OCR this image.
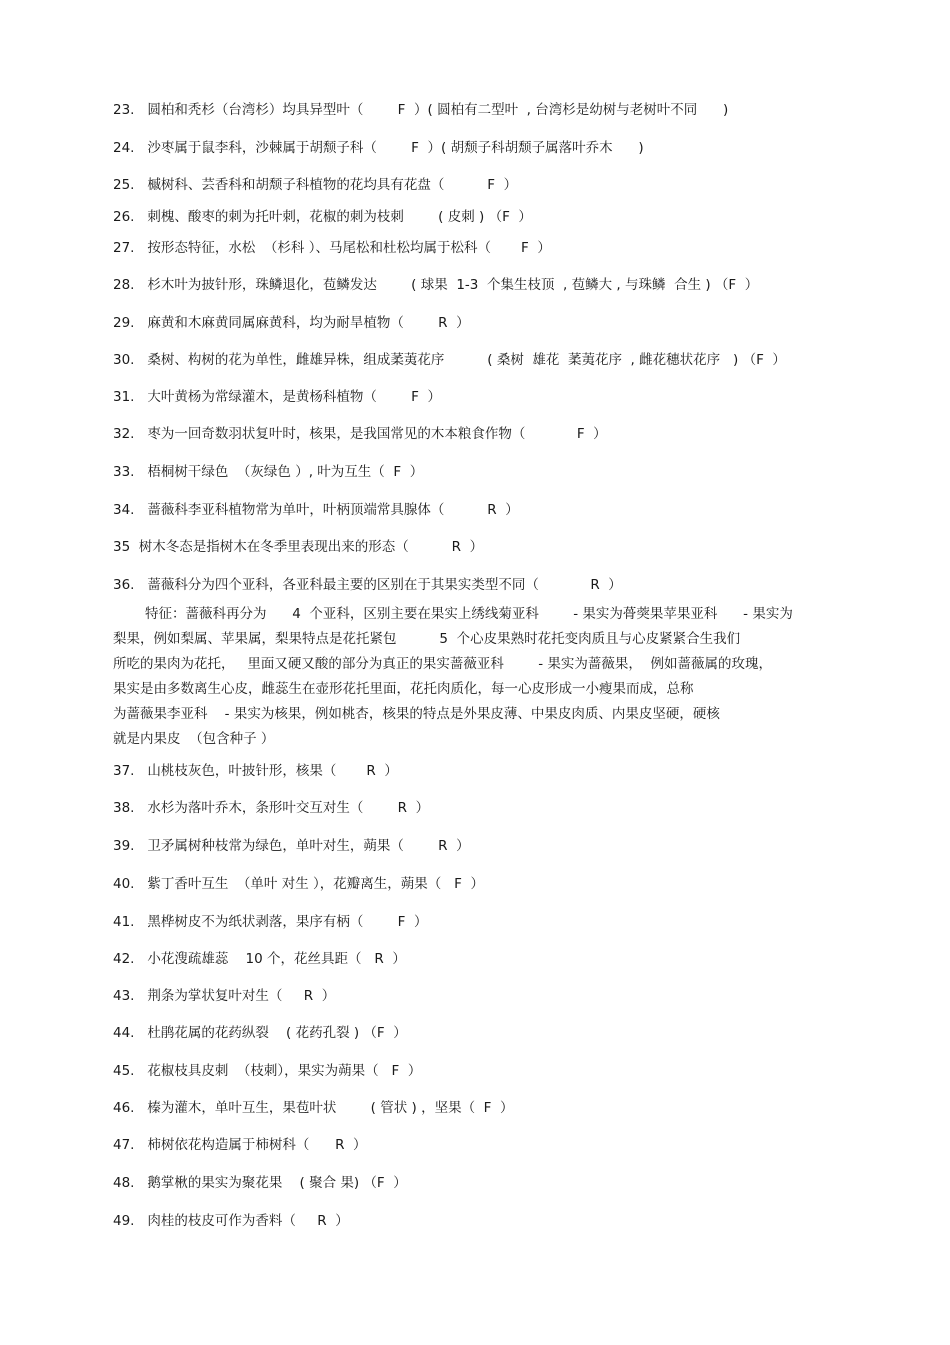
23.   圆柏和秃杉（台湾杉）均具异型叶（        F  ）( 圆柏有二型叶  , 台湾杉是幼树与老树叶不同      )
24.   沙枣属于鼠李科，沙棘属于胡颓子科（        F  ）( 胡颓子科胡颓子属落叶乔木      )
25.   槭树科、芸香科和胡颓子科植物的花均具有花盘（          F  ）
26.   刺槐、酸枣的刺为托叶刺，花椒的刺为枝刺        ( 皮刺 ) （F  ）
27.   按形态特征，水松  （杉科 ）、马尾松和杜松均属于松科（       F  ）
28.   杉木叶为披针形，珠鳞退化，苞鳞发达        ( 球果  1-3  个集生枝顶  , 苞鳞大 , 与珠鳞  合生 ) （F  ）
29.   麻黄和木麻黄同属麻黄科，均为耐旱植物（        R  ）
30.   桑树、构树的花为单性，雌雄异株，组成葇荑花序          ( 桑树  雄花  葇荑花序  , 雌花穗状花序   ) （F  ）
31.   大叶黄杨为常绿灌木，是黄杨科植物（        F  ）
32.   枣为一回奇数羽状复叶时，核果，是我国常见的木本粮食作物（            F  ）
33.   梧桐树干绿色  （灰绿色 ）, 叶为互生（  F  ）
34.   蔷薇科李亚科植物常为单叶，叶柄顶端常具腺体（          R  ）
35  树木冬态是指树木在冬季里表现出来的形态（          R  ）
36.   蔷薇科分为四个亚科，各亚科最主要的区别在于其果实类型不同（            R  ）
特征：蔷薇科再分为      4  个亚科，区别主要在果实上绣线菊亚科        - 果实为蓇葖果苹果亚科      - 果实为
梨果，例如梨属、苹果属，梨果特点是花托紧包          5  个心皮果熟时花托变肉质且与心皮紧紧合生我们
所吃的果肉为花托，   里面又硬又酸的部分为真正的果实蔷薇亚科        - 果实为蔷薇果，  例如蔷薇属的玫瑰，
果实是由多数离生心皮，雌蕊生在壶形花托里面，花托肉质化，每一心皮形成一小瘦果而成，总称
为蔷薇果李亚科    - 果实为核果，例如桃杏，核果的特点是外果皮薄、中果皮肉质、内果皮坚硬，硬核
就是内果皮  （包含种子 ）
37.   山桃枝灰色，叶披针形，核果（       R  ）
38.   水杉为落叶乔木，条形叶交互对生（        R  ）
39.   卫矛属树种枝常为绿色，单叶对生，蒴果（        R  ）
40.   紫丁香叶互生  （单叶 对生 ），花瓣离生，蒴果（   F  ）
41.   黑桦树皮不为纸状剥落，果序有柄（        F  ）
42.   小花溲疏雄蕊    10 个，花丝具距（   R  ）
43.   荆条为掌状复叶对生（     R  ）
44.   杜鹃花属的花药纵裂    ( 花药孔裂 ) （F  ）
45.   花椒枝具皮刺  （枝刺），果实为蒴果（   F  ）
46.   榛为灌木，单叶互生，果苞叶状        ( 管状 ) ，坚果（  F  ）
47.   柿树依花构造属于柿树科（      R  ）
48.   鹅掌楸的果实为聚花果    ( 聚合 果) （F  ）
49.   肉桂的枝皮可作为香料（     R  ）
